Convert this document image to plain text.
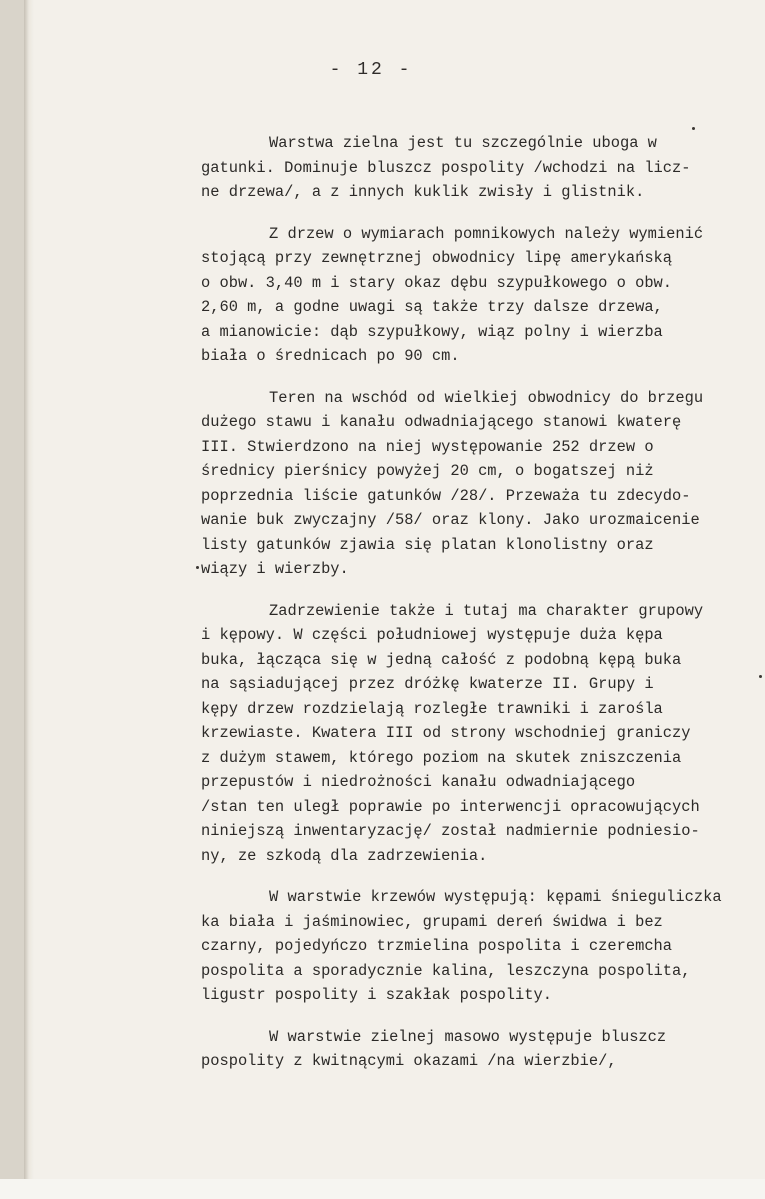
- 12 -
Warstwa zielna jest tu szczególnie uboga w
gatunki. Dominuje bluszcz pospolity /wchodzi na licz-
ne drzewa/, a z innych kuklik zwisły i glistnik.
Z drzew o wymiarach pomnikowych należy wymienić
stojącą przy zewnętrznej obwodnicy lipę amerykańską
o obw. 3,40 m i stary okaz dębu szypułkowego o obw.
2,60 m, a godne uwagi są także trzy dalsze drzewa,
a mianowicie: dąb szypułkowy, wiąz polny i wierzba
biała o średnicach po 90 cm.
Teren na wschód od wielkiej obwodnicy do brzegu
dużego stawu i kanału odwadniającego stanowi kwaterę
III. Stwierdzono na niej występowanie 252 drzew o
średnicy pierśnicy powyżej 20 cm, o bogatszej niż
poprzednia liście gatunków /28/. Przeważa tu zdecydo-
wanie buk zwyczajny /58/ oraz klony. Jako urozmaicenie
listy gatunków zjawia się platan klonolistny oraz
wiązy i wierzby.
Zadrzewienie także i tutaj ma charakter grupowy
i kępowy. W części południowej występuje duża kępa
buka, łącząca się w jedną całość z podobną kępą buka
na sąsiadującej przez dróżkę kwaterze II. Grupy i
kępy drzew rozdzielają rozległe trawniki i zarośla
krzewiaste. Kwatera III od strony wschodniej graniczy
z dużym stawem, którego poziom na skutek zniszczenia
przepustów i niedrożności kanału odwadniającego
/stan ten uległ poprawie po interwencji opracowujących
niniejszą inwentaryzację/ został nadmiernie podniesio-
ny, ze szkodą dla zadrzewienia.
W warstwie krzewów występują: kępami śnieguliczka
ka biała i jaśminowiec, grupami dereń świdwa i bez
czarny, pojedyńczo trzmielina pospolita i czeremcha
pospolita a sporadycznie kalina, leszczyna pospolita,
ligustr pospolity i szakłak pospolity.
W warstwie zielnej masowo występuje bluszcz
pospolity z kwitnącymi okazami /na wierzbie/,
